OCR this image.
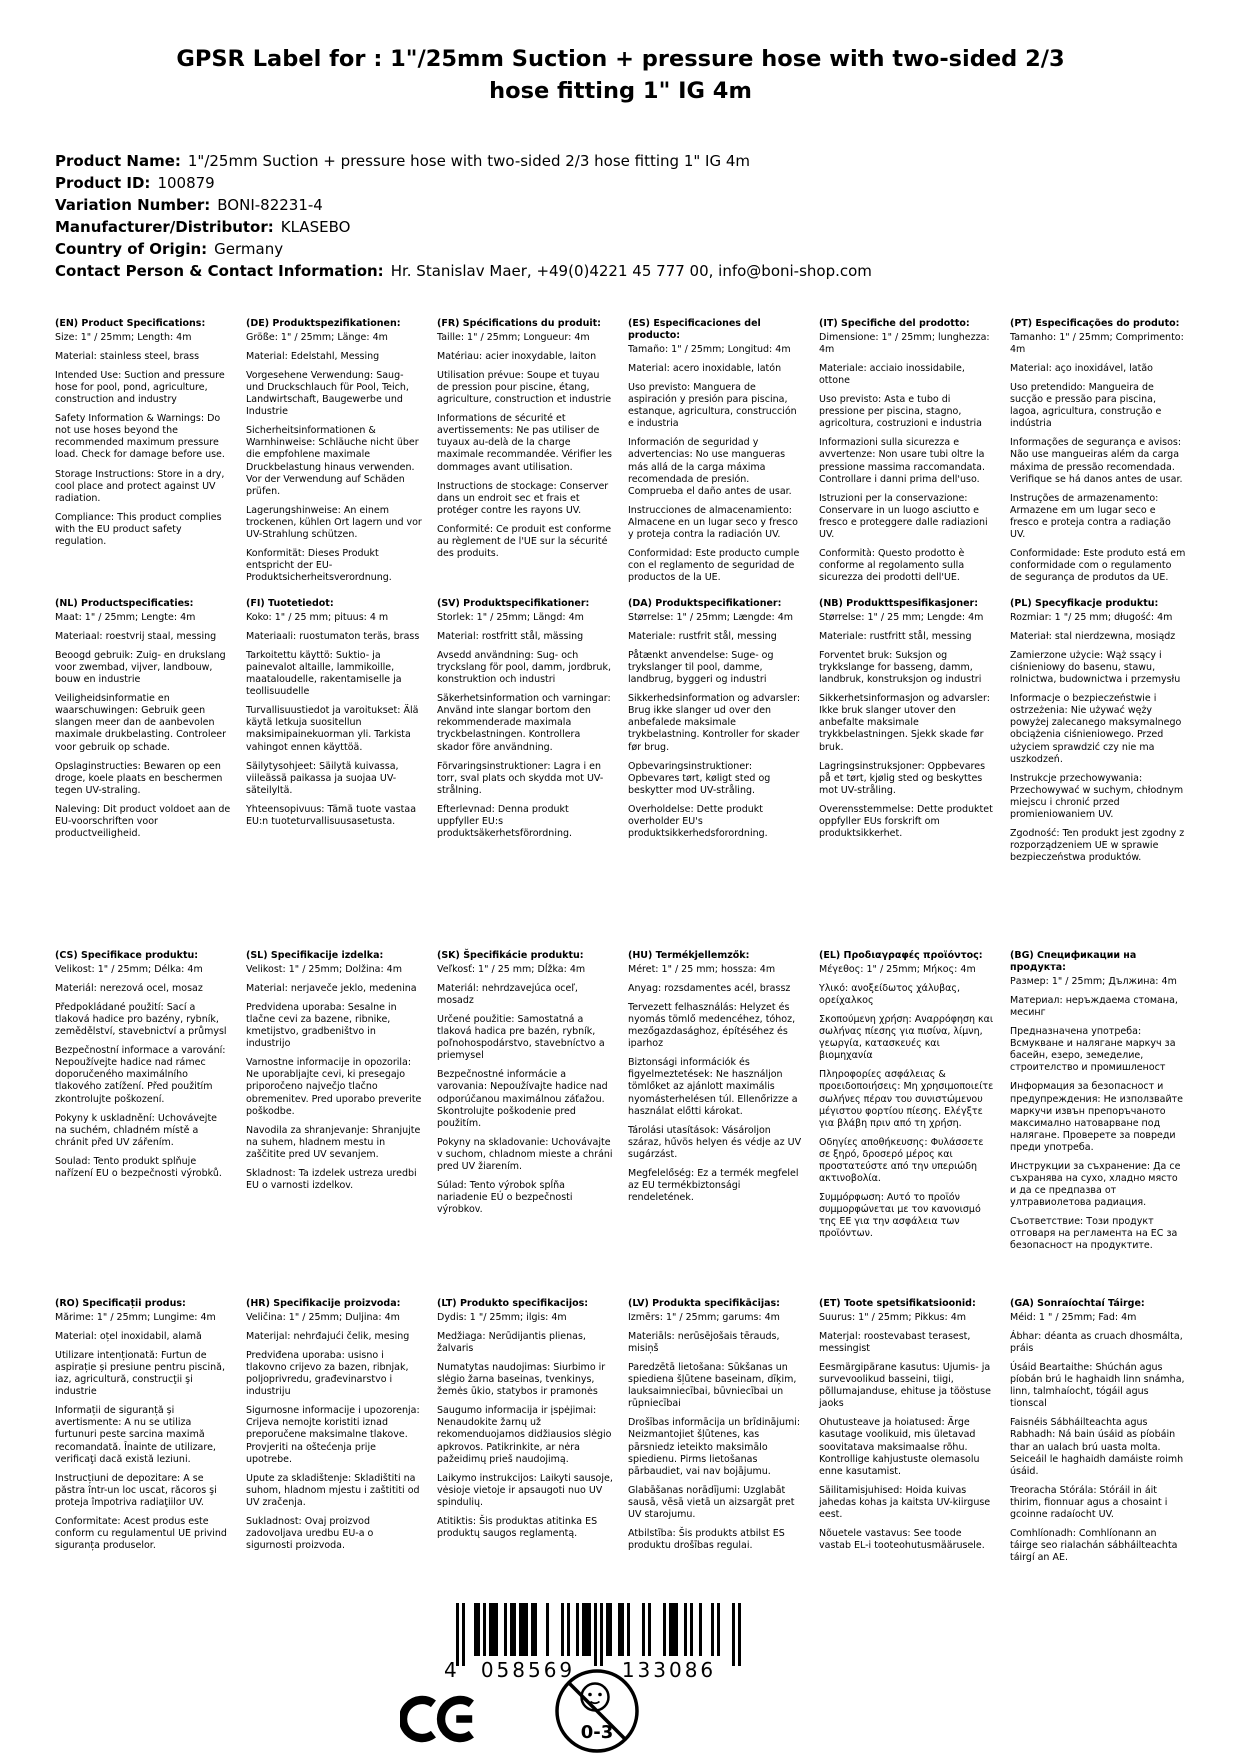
GPSR Label for : 1"/25mm Suction + pressure hose with two-sided 2/3 hose fitting 1" IG 4m
Product Name: 1"/25mm Suction + pressure hose with two-sided 2/3 hose fitting 1" IG 4m
Product ID: 100879
Variation Number: BONI-82231-4
Manufacturer/Distributor: KLASEBO
Country of Origin: Germany
Contact Person & Contact Information: Hr. Stanislav Maer, +49(0)4221 45 777 00, info@boni-shop.com
(EN) Product Specifications:

Size: 1" / 25mm; Length: 4m

Material: stainless steel, brass

Intended Use: Suction and pressure hose for pool, pond, agriculture, construction and industry

Safety Information & Warnings: Do not use hoses beyond the recommended maximum pressure load. Check for damage before use.

Storage Instructions: Store in a dry, cool place and protect against UV radiation.

Compliance: This product complies with the EU product safety regulation.

(DE) Produktspezifikationen:

Größe: 1" / 25mm; Länge: 4m

Material: Edelstahl, Messing

Vorgesehene Verwendung: Saug- und Druckschlauch für Pool, Teich, Landwirtschaft, Baugewerbe und Industrie

Sicherheitsinformationen & Warnhinweise: Schläuche nicht über die empfohlene maximale Druckbelastung hinaus verwenden. Vor der Verwendung auf Schäden prüfen.

Lagerungshinweise: An einem trockenen, kühlen Ort lagern und vor UV-Strahlung schützen.

Konformität: Dieses Produkt entspricht der EU-Produktsicherheitsverordnung.

(FR) Spécifications du produit:

Taille: 1" / 25mm; Longueur: 4m

Matériau: acier inoxydable, laiton

Utilisation prévue: Soupe et tuyau de pression pour piscine, étang, agriculture, construction et industrie

Informations de sécurité et avertissements: Ne pas utiliser de tuyaux au-delà de la charge maximale recommandée. Vérifier les dommages avant utilisation.

Instructions de stockage: Conserver dans un endroit sec et frais et protéger contre les rayons UV.

Conformité: Ce produit est conforme au règlement de l'UE sur la sécurité des produits.

(ES) Especificaciones del producto:

Tamaño: 1" / 25mm; Longitud: 4m

Material: acero inoxidable, latón

Uso previsto: Manguera de aspiración y presión para piscina, estanque, agricultura, construcción e industria

Información de seguridad y advertencias: No use mangueras más allá de la carga máxima recomendada de presión. Comprueba el daño antes de usar.

Instrucciones de almacenamiento: Almacene en un lugar seco y fresco y proteja contra la radiación UV.

Conformidad: Este producto cumple con el reglamento de seguridad de productos de la UE.

(IT) Specifiche del prodotto:

Dimensione: 1" / 25mm; lunghezza: 4m

Materiale: acciaio inossidabile, ottone

Uso previsto: Asta e tubo di pressione per piscina, stagno, agricoltura, costruzioni e industria

Informazioni sulla sicurezza e avvertenze: Non usare tubi oltre la pressione massima raccomandata. Controllare i danni prima dell'uso.

Istruzioni per la conservazione: Conservare in un luogo asciutto e fresco e proteggere dalle radiazioni UV.

Conformità: Questo prodotto è conforme al regolamento sulla sicurezza dei prodotti dell'UE.

(PT) Especificações do produto:

Tamanho: 1" / 25mm; Comprimento: 4m

Material: aço inoxidável, latão

Uso pretendido: Mangueira de sucção e pressão para piscina, lagoa, agricultura, construção e indústria

Informações de segurança e avisos: Não use mangueiras além da carga máxima de pressão recomendada. Verifique se há danos antes de usar.

Instruções de armazenamento: Armazene em um lugar seco e fresco e proteja contra a radiação UV.

Conformidade: Este produto está em conformidade com o regulamento de segurança de produtos da UE.

(NL) Productspecificaties:

Maat: 1" / 25mm; Lengte: 4m

Materiaal: roestvrij staal, messing

Beoogd gebruik: Zuig- en drukslang voor zwembad, vijver, landbouw, bouw en industrie

Veiligheidsinformatie en waarschuwingen: Gebruik geen slangen meer dan de aanbevolen maximale drukbelasting. Controleer voor gebruik op schade.

Opslaginstructies: Bewaren op een droge, koele plaats en beschermen tegen UV-straling.

Naleving: Dit product voldoet aan de EU-voorschriften voor productveiligheid.

(FI) Tuotetiedot:

Koko: 1" / 25 mm; pituus: 4 m

Materiaali: ruostumaton teräs, brass

Tarkoitettu käyttö: Suktio- ja painevalot altaille, lammikoille, maataloudelle, rakentamiselle ja teollisuudelle

Turvallisuustiedot ja varoitukset: Älä käytä letkuja suositellun maksimipainekuorman yli. Tarkista vahingot ennen käyttöä.

Säilytysohjeet: Säilytä kuivassa, viileässä paikassa ja suojaa UV-säteilyltä.

Yhteensopivuus: Tämä tuote vastaa EU:n tuoteturvallisuusasetusta.

(SV) Produktspecifikationer:

Storlek: 1" / 25mm; Längd: 4m

Material: rostfritt stål, mässing

Avsedd användning: Sug- och tryckslang för pool, damm, jordbruk, konstruktion och industri

Säkerhetsinformation och varningar: Använd inte slangar bortom den rekommenderade maximala tryckbelastningen. Kontrollera skador före användning.

Förvaringsinstruktioner: Lagra i en torr, sval plats och skydda mot UV-strålning.

Efterlevnad: Denna produkt uppfyller EU:s produktsäkerhetsförordning.

(DA) Produktspecifikationer:

Størrelse: 1" / 25mm; Længde: 4m

Materiale: rustfrit stål, messing

Påtænkt anvendelse: Suge- og trykslanger til pool, damme, landbrug, byggeri og industri

Sikkerhedsinformation og advarsler: Brug ikke slanger ud over den anbefalede maksimale trykbelastning. Kontroller for skader før brug.

Opbevaringsinstruktioner: Opbevares tørt, køligt sted og beskytter mod UV-stråling.

Overholdelse: Dette produkt overholder EU's produktsikkerhedsforordning.

(NB) Produkttspesifikasjoner:

Størrelse: 1" / 25 mm; Lengde: 4m

Materiale: rustfritt stål, messing

Forventet bruk: Suksjon og trykkslange for basseng, damm, landbruk, konstruksjon og industri

Sikkerhetsinformasjon og advarsler: Ikke bruk slanger utover den anbefalte maksimale trykkbelastningen. Sjekk skade før bruk.

Lagringsinstruksjoner: Oppbevares på et tørt, kjølig sted og beskyttes mot UV-stråling.

Overensstemmelse: Dette produktet oppfyller EUs forskrift om produktsikkerhet.

(PL) Specyfikacje produktu:

Rozmiar: 1 "/ 25 mm; długość: 4m

Materiał: stal nierdzewna, mosiądz

Zamierzone użycie: Wąż ssący i ciśnieniowy do basenu, stawu, rolnictwa, budownictwa i przemysłu

Informacje o bezpieczeństwie i ostrzeżenia: Nie używać węży powyżej zalecanego maksymalnego obciążenia ciśnieniowego. Przed użyciem sprawdzić czy nie ma uszkodzeń.

Instrukcje przechowywania: Przechowywać w suchym, chłodnym miejscu i chronić przed promieniowaniem UV.

Zgodność: Ten produkt jest zgodny z rozporządzeniem UE w sprawie bezpieczeństwa produktów.

(CS) Specifikace produktu:

Velikost: 1" / 25mm; Délka: 4m

Materiál: nerezová ocel, mosaz

Předpokládané použití: Sací a tlaková hadice pro bazény, rybník, zemědělství, stavebnictví a průmysl

Bezpečnostní informace a varování: Nepoužívejte hadice nad rámec doporučeného maximálního tlakového zatížení. Před použitím zkontrolujte poškození.

Pokyny k uskladnění: Uchovávejte na suchém, chladném místě a chránit před UV zářením.

Soulad: Tento produkt splňuje nařízení EU o bezpečnosti výrobků.

(SL) Specifikacije izdelka:

Velikost: 1" / 25mm; Dolžina: 4m

Material: nerjaveče jeklo, medenina

Predvidena uporaba: Sesalne in tlačne cevi za bazene, ribnike, kmetijstvo, gradbeništvo in industrijo

Varnostne informacije in opozorila: Ne uporabljajte cevi, ki presegajo priporočeno največjo tlačno obremenitev. Pred uporabo preverite poškodbe.

Navodila za shranjevanje: Shranjujte na suhem, hladnem mestu in zaščitite pred UV sevanjem.

Skladnost: Ta izdelek ustreza uredbi EU o varnosti izdelkov.

(SK) Špecifikácie produktu:

Veľkosť: 1" / 25 mm; Dĺžka: 4m

Materiál: nehrdzavejúca oceľ, mosadz

Určené použitie: Samostatná a tlaková hadica pre bazén, rybník, poľnohospodárstvo, stavebníctvo a priemysel

Bezpečnostné informácie a varovania: Nepoužívajte hadice nad odporúčanou maximálnou záťažou. Skontrolujte poškodenie pred použitím.

Pokyny na skladovanie: Uchovávajte v suchom, chladnom mieste a chráni pred UV žiarením.

Súlad: Tento výrobok spĺňa nariadenie EÚ o bezpečnosti výrobkov.

(HU) Termékjellemzők:

Méret: 1" / 25 mm; hossza: 4m

Anyag: rozsdamentes acél, brassz

Tervezett felhasználás: Helyzet és nyomás tömlő medencéhez, tóhoz, mezőgazdasághoz, építéséhez és iparhoz

Biztonsági információk és figyelmeztetések: Ne használjon tömlőket az ajánlott maximális nyomásterhelésen túl. Ellenőrizze a használat előtti károkat.

Tárolási utasítások: Vásároljon száraz, hűvös helyen és védje az UV sugárzást.

Megfelelőség: Ez a termék megfelel az EU termékbiztonsági rendeletének.

(EL) Προδιαγραφές προϊόντος:

Μέγεθος: 1" / 25mm; Μήκος: 4m

Υλικό: ανοξείδωτος χάλυβας, ορείχαλκος

Σκοπούμενη χρήση: Αναρρόφηση και σωλήνας πίεσης για πισίνα, λίμνη, γεωργία, κατασκευές και βιομηχανία

Πληροφορίες ασφάλειας & προειδοποιήσεις: Μη χρησιμοποιείτε σωλήνες πέραν του συνιστώμενου μέγιστου φορτίου πίεσης. Ελέγξτε για βλάβη πριν από τη χρήση.

Οδηγίες αποθήκευσης: Φυλάσσετε σε ξηρό, δροσερό μέρος και προστατεύστε από την υπεριώδη ακτινοβολία.

Συμμόρφωση: Αυτό το προϊόν συμμορφώνεται με τον κανονισμό της ΕΕ για την ασφάλεια των προϊόντων.

(BG) Спецификации на продукта:

Размер: 1" / 25mm; Дължина: 4m

Материал: неръждаема стомана, месинг

Предназначена употреба: Всмукване и налягане маркуч за басейн, езеро, земеделие, строителство и промишленост

Информация за безопасност и предупреждения: Не използвайте маркучи извън препоръчаното максимално натоварване под налягане. Проверете за повреди преди употреба.

Инструкции за съхранение: Да се съхранява на сухо, хладно място и да се предпазва от ултравиолетова радиация.

Съответствие: Този продукт отговаря на регламента на ЕС за безопасност на продуктите.

(RO) Specificații produs:

Mărime: 1" / 25mm; Lungime: 4m

Material: oțel inoxidabil, alamă

Utilizare intenționată: Furtun de aspirație și presiune pentru piscină, iaz, agricultură, construcţii şi industrie

Informații de siguranță și avertismente: A nu se utiliza furtunuri peste sarcina maximă recomandată. Înainte de utilizare, verificaţi dacă există leziuni.

Instrucțiuni de depozitare: A se păstra într-un loc uscat, răcoros şi proteja împotriva radiaţiilor UV.

Conformitate: Acest produs este conform cu regulamentul UE privind siguranța produselor.

(HR) Specifikacije proizvoda:

Veličina: 1" / 25mm; Duljina: 4m

Materijal: nehrđajući čelik, mesing

Predviđena uporaba: usisno i tlakovno crijevo za bazen, ribnjak, poljoprivredu, građevinarstvo i industriju

Sigurnosne informacije i upozorenja: Crijeva nemojte koristiti iznad preporučene maksimalne tlakove. Provjeriti na oštećenja prije upotrebe.

Upute za skladištenje: Skladištiti na suhom, hladnom mjestu i zaštititi od UV zračenja.

Sukladnost: Ovaj proizvod zadovoljava uredbu EU-a o sigurnosti proizvoda.

(LT) Produkto specifikacijos:

Dydis: 1 "/ 25mm; ilgis: 4m

Medžiaga: Nerūdijantis plienas, žalvaris

Numatytas naudojimas: Siurbimo ir slėgio žarna baseinas, tvenkinys, žemės ūkio, statybos ir pramonės

Saugumo informacija ir įspėjimai: Nenaudokite žarnų už rekomenduojamos didžiausios slėgio apkrovos. Patikrinkite, ar nėra pažeidimų prieš naudojimą.

Laikymo instrukcijos: Laikyti sausoje, vėsioje vietoje ir apsaugoti nuo UV spindulių.

Atitiktis: Šis produktas atitinka ES produktų saugos reglamentą.

(LV) Produkta specifikācijas:

Izmērs: 1" / 25mm; garums: 4m

Materiāls: nerūsējošais tērauds, misiņš

Paredzētā lietošana: Sūkšanas un spiediena šļūtene baseinam, dīķim, lauksaimniecībai, būvniecībai un rūpniecībai

Drošības informācija un brīdinājumi: Neizmantojiet šļūtenes, kas pārsniedz ieteikto maksimālo spiedienu. Pirms lietošanas pārbaudiet, vai nav bojājumu.

Glabāšanas norādījumi: Uzglabāt sausā, vēsā vietā un aizsargāt pret UV starojumu.

Atbilstība: Šis produkts atbilst ES produktu drošības regulai.

(ET) Toote spetsifikatsioonid:

Suurus: 1" / 25mm; Pikkus: 4m

Materjal: roostevabast terasest, messingist

Eesmärgipärane kasutus: Ujumis- ja survevoolikud basseini, tiigi, põllumajanduse, ehituse ja tööstuse jaoks

Ohutusteave ja hoiatused: Ärge kasutage voolikuid, mis ületavad soovitatava maksimaalse rõhu. Kontrollige kahjustuste olemasolu enne kasutamist.

Säilitamisjuhised: Hoida kuivas jahedas kohas ja kaitsta UV-kiirguse eest.

Nõuetele vastavus: See toode vastab EL-i tooteohutusmäärusele.

(GA) Sonraíochtaí Táirge:

Méid: 1 " / 25mm; Fad: 4m

Ábhar: déanta as cruach dhosmálta, práis

Úsáid Beartaithe: Shúchán agus píobán brú le haghaidh linn snámha, linn, talmhaíocht, tógáil agus tionscal

Faisnéis Sábháilteachta agus Rabhadh: Ná bain úsáid as píobáin thar an ualach brú uasta molta. Seiceáil le haghaidh damáiste roimh úsáid.

Treoracha Stórála: Stóráil in áit thirim, fionnuar agus a chosaint i gcoinne radaíocht UV.

Comhlíonadh: Comhlíonann an táirge seo rialachán sábháilteachta táirgí an AE.

4 058569 133086
0-3
